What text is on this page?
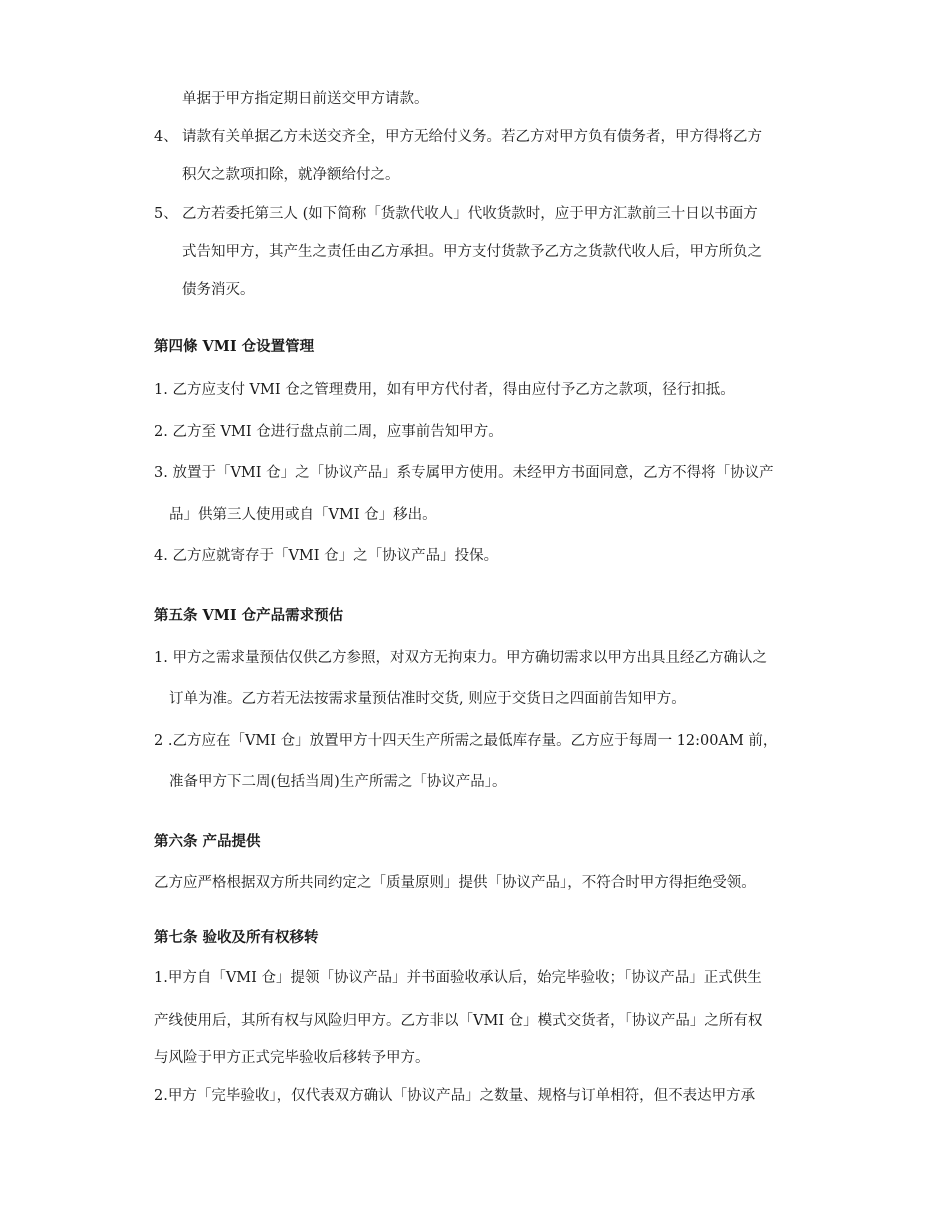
单据于甲方指定期日前送交甲方请款。
4、 请款有关单据乙方未送交齐全，甲方无给付义务。若乙方对甲方负有债务者，甲方得将乙方
积欠之款项扣除，就净额给付之。
5、 乙方若委托第三人 (如下简称「货款代收人」代收货款时，应于甲方汇款前三十日以书面方
式告知甲方，其产生之责任由乙方承担。甲方支付货款予乙方之货款代收人后，甲方所负之
债务消灭。
第四條 VMI 仓设置管理
1. 乙方应支付 VMI 仓之管理费用，如有甲方代付者，得由应付予乙方之款项，径行扣抵。
2. 乙方至 VMI 仓进行盘点前二周，应事前告知甲方。
3. 放置于「VMI 仓」之「协议产品」系专属甲方使用。未经甲方书面同意，乙方不得将「协议产
品」供第三人使用或自「VMI 仓」移出。
4. 乙方应就寄存于「VMI 仓」之「协议产品」投保。
第五条 VMI 仓产品需求预估
1. 甲方之需求量预估仅供乙方参照，对双方无拘束力。甲方确切需求以甲方出具且经乙方确认之
订单为准。乙方若无法按需求量预估准时交货, 则应于交货日之四面前告知甲方。
2 .乙方应在「VMI 仓」放置甲方十四天生产所需之最低库存量。乙方应于每周一 12:00AM 前，
准备甲方下二周(包括当周)生产所需之「协议产品」。
第六条 产品提供
乙方应严格根据双方所共同约定之「质量原则」提供「协议产品」，不符合时甲方得拒绝受领。
第七条 验收及所有权移转
1.甲方自「VMI 仓」提领「协议产品」并书面验收承认后，始完毕验收；「协议产品」正式供生
产线使用后，其所有权与风险归甲方。乙方非以「VMI 仓」模式交货者，「协议产品」之所有权
与风险于甲方正式完毕验收后移转予甲方。
2.甲方「完毕验收」，仅代表双方确认「协议产品」之数量、规格与订单相符，但不表达甲方承
